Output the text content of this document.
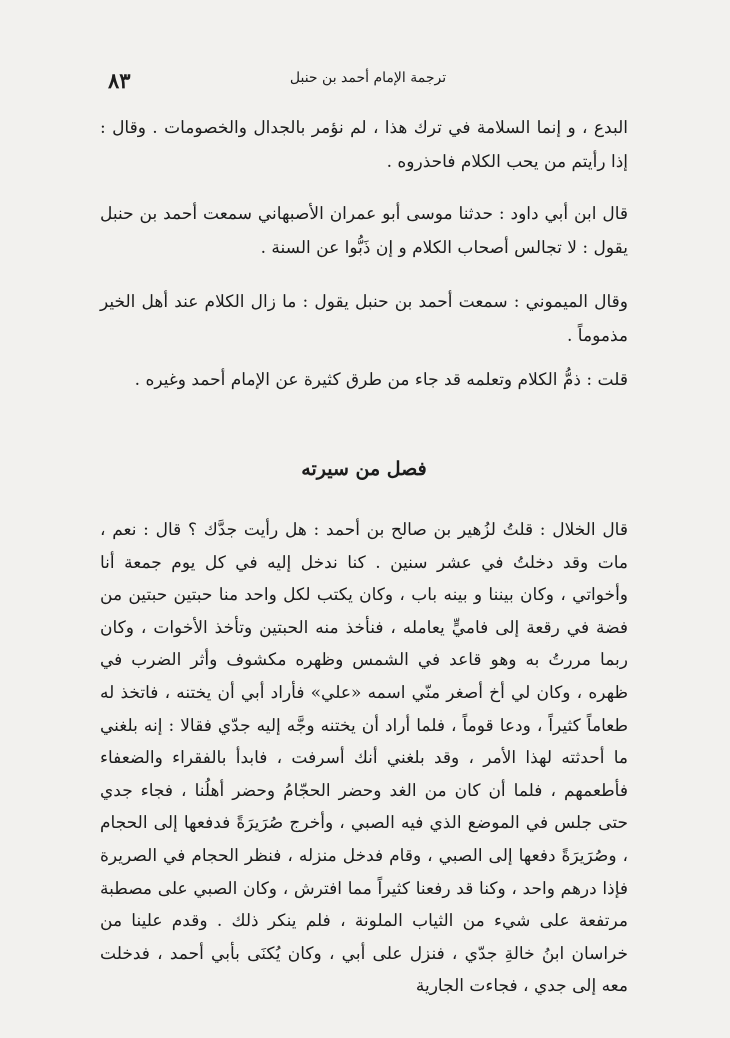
٨٣	ترجمة الإمام أحمد بن حنبل

البدع ، و إنما السلامة في ترك هذا ، لم نؤمر بالجدال والخصومات . وقال : إذا رأيتم من يحب الكلام فاحذروه .

قال ابن أبي داود : حدثنا موسى أبو عمران الأصبهاني سمعت أحمد بن حنبل يقول : لا تجالس أصحاب الكلام و إن ذَبُّوا عن السنة .

وقال الميموني : سمعت أحمد بن حنبل يقول : ما زال الكلام عند أهل الخير مذموماً .

قلت : ذمُّ الكلام وتعلمه قد جاء من طرق كثيرة عن الإمام أحمد وغيره .

فصل من سيرته

قال الخلال : قلتُ لزُهير بن صالح بن أحمد : هل رأيت جدَّك ؟ قال : نعم ، مات وقد دخلتُ في عشر سنين . كنا ندخل إليه في كل يوم جمعة أنا وأخواتي ، وكان بيننا و بينه باب ، وكان يكتب لكل واحد منا حبتين حبتين من فضة في رقعة إلى فاميٍّ يعامله ، فنأخذ منه الحبتين وتأخذ الأخوات ، وكان ربما مررتُ به وهو قاعد في الشمس وظهره مكشوف وأثر الضرب في ظهره ، وكان لي أخ أصغر منّي اسمه «علي» فأراد أبي أن يختنه ، فاتخذ له طعاماً كثيراً ، ودعا قوماً ، فلما أراد أن يختنه وجَّه إليه جدّي فقالا : إنه بلغني ما أحدثته لهذا الأمر ، وقد بلغني أنك أسرفت ، فابدأ بالفقراء والضعفاء فأطعمهم ، فلما أن كان من الغد وحضر الحجّامُ وحضر أهلُنا ، فجاء جدي حتى جلس في الموضع الذي فيه الصبي ، وأخرج صُرَيرَةً فدفعها إلى الحجام ، وصُرَيرَةً دفعها إلى الصبي ، وقام فدخل منزله ، فنظر الحجام في الصريرة فإذا درهم واحد ، وكنا قد رفعنا كثيراً مما افترش ، وكان الصبي على مصطبة مرتفعة على شيء من الثياب الملونة ، فلم ينكر ذلك . وقدم علينا من خراسان ابنُ خالةِ جدّي ، فنزل على أبي ، وكان يُكنَى بأبي أحمد ، فدخلت معه إلى جدي ، فجاءت الجارية
